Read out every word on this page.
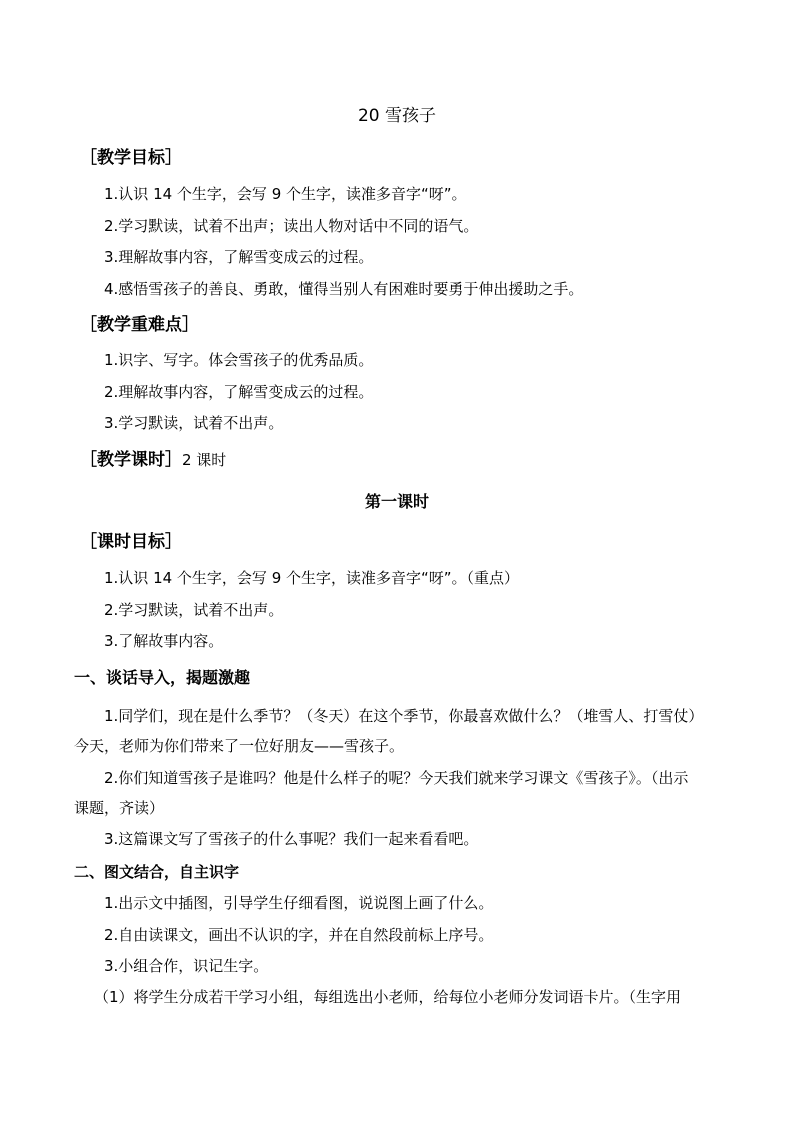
20 雪孩子
［教学目标］
1.认识 14 个生字，会写 9 个生字，读准多音字“呀”。
2.学习默读，试着不出声；读出人物对话中不同的语气。
3.理解故事内容，了解雪变成云的过程。
4.感悟雪孩子的善良、勇敢，懂得当别人有困难时要勇于伸出援助之手。
［教学重难点］
1.识字、写字。体会雪孩子的优秀品质。
2.理解故事内容，了解雪变成云的过程。
3.学习默读，试着不出声。
［教学课时］2 课时
第一课时
［课时目标］
1.认识 14 个生字，会写 9 个生字，读准多音字“呀”。（重点）
2.学习默读，试着不出声。
3.了解故事内容。
一、谈话导入，揭题激趣
1.同学们，现在是什么季节？（冬天）在这个季节，你最喜欢做什么？（堆雪人、打雪仗）
今天，老师为你们带来了一位好朋友——雪孩子。
2.你们知道雪孩子是谁吗？他是什么样子的呢？今天我们就来学习课文《雪孩子》。（出示
课题，齐读）
3.这篇课文写了雪孩子的什么事呢？我们一起来看看吧。
二、图文结合，自主识字
1.出示文中插图，引导学生仔细看图，说说图上画了什么。
2.自由读课文，画出不认识的字，并在自然段前标上序号。
3.小组合作，识记生字。
（1）将学生分成若干学习小组，每组选出小老师，给每位小老师分发词语卡片。（生字用
